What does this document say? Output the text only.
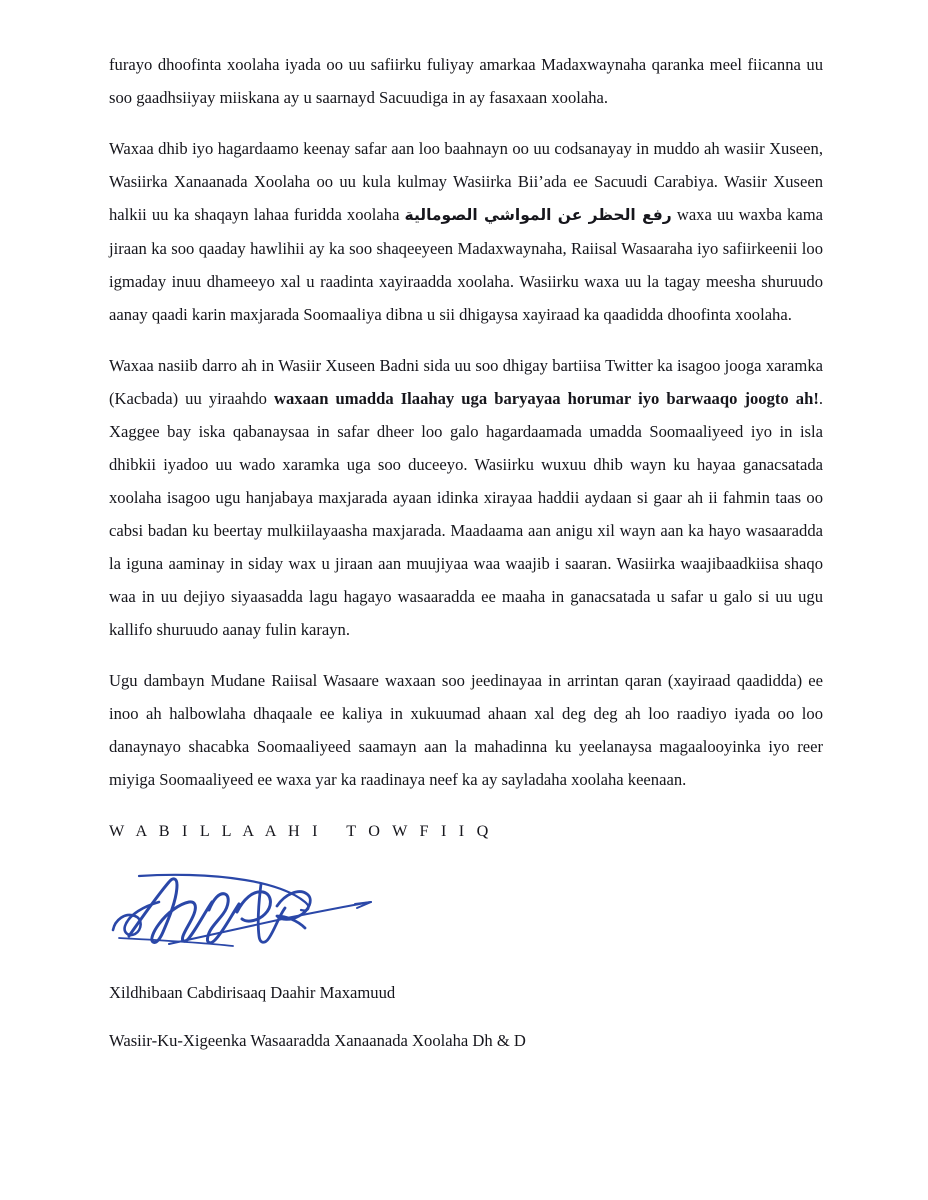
furayo dhoofinta xoolaha iyada oo uu safiirku fuliyay amarkaa Madaxwaynaha qaranka meel fiicanna uu soo gaadhsiiyay miiskana ay u saarnayd Sacuudiga in ay fasaxaan xoolaha.

Waxaa dhib iyo hagardaamo keenay safar aan loo baahnayn oo uu codsanayay in muddo ah wasiir Xuseen, Wasiirka Xanaanada Xoolaha oo uu kula kulmay Wasiirka Bii’ada ee Sacuudi Carabiya. Wasiir Xuseen halkii uu ka shaqayn lahaa furidda xoolaha رفع الحظر عن المواشي الصومالية waxa uu waxba kama jiraan ka soo qaaday hawlihii ay ka soo shaqeeyeen Madaxwaynaha, Raiisal Wasaaraha iyo safiirkeenii loo igmaday inuu dhameeyo xal u raadinta xayiraadda xoolaha. Wasiirku waxa uu la tagay meesha shuruudo aanay qaadi karin maxjarada Soomaaliya dibna u sii dhigaysa xayiraad ka qaadidda dhoofinta xoolaha.

Waxaa nasiib darro ah in Wasiir Xuseen Badni sida uu soo dhigay bartiisa Twitter ka isagoo jooga xaramka (Kacbada) uu yiraahdo waxaan umadda Ilaahay uga baryayaa horumar iyo barwaaqo joogto ah!. Xaggee bay iska qabanaysaa in safar dheer loo galo hagardaamada umadda Soomaaliyeed iyo in isla dhibkii iyadoo uu wado xaramka uga soo duceeyo. Wasiirku wuxuu dhib wayn ku hayaa ganacsatada xoolaha isagoo ugu hanjabaya maxjarada ayaan idinka xirayaa haddii aydaan si gaar ah ii fahmin taas oo cabsi badan ku beertay mulkiilayaasha maxjarada. Maadaama aan anigu xil wayn aan ka hayo wasaaradda la iguna aaminay in siday wax u jiraan aan muujiyaa waa waajib i saaran. Wasiirka waajibaadkiisa shaqo waa in uu dejiyo siyaasadda lagu hagayo wasaaradda ee maaha in ganacsatada u safar u galo si uu ugu kallifo shuruudo aanay fulin karayn.

Ugu dambayn Mudane Raiisal Wasaare waxaan soo jeedinayaa in arrintan qaran (xayiraad qaadidda) ee inoo ah halbowlaha dhaqaale ee kaliya in xukuumad ahaan xal deg deg ah loo raadiyo iyada oo loo danaynayo shacabka Soomaaliyeed saamayn aan la mahadinna ku yeelanaysa magaalooyinka iyo reer miyiga Soomaaliyeed ee waxa yar ka raadinaya neef ka ay sayladaha xoolaha keenaan.

W A B I L L A A H I   T O W F I I Q

Xildhibaan Cabdirisaaq Daahir Maxamuud

Wasiir-Ku-Xigeenka Wasaaradda Xanaanada Xoolaha Dh & D
